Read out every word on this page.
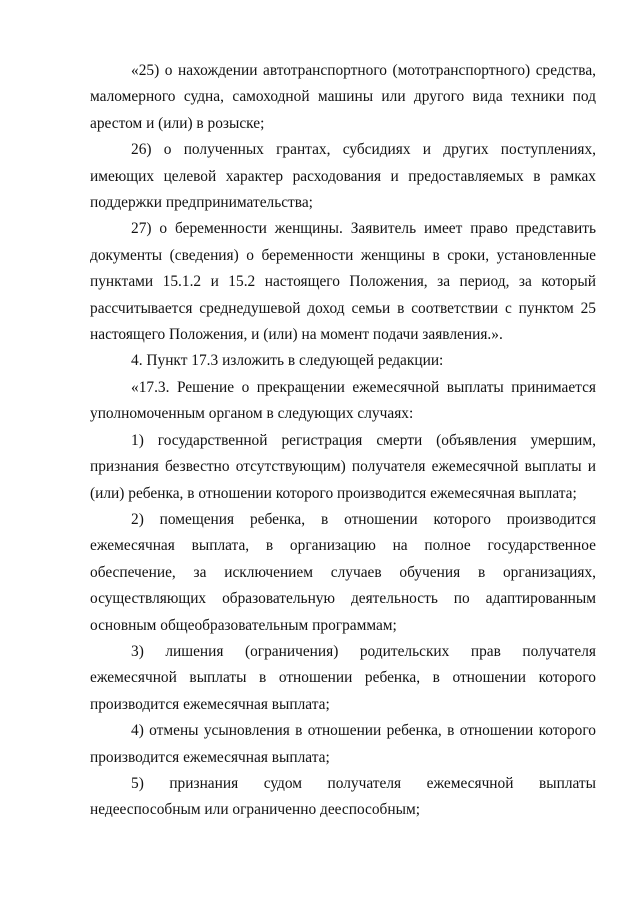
«25) о нахождении автотранспортного (мототранспортного) средства, маломерного судна, самоходной машины или другого вида техники под арестом и (или) в розыске;

26) о полученных грантах, субсидиях и других поступлениях, имеющих целевой характер расходования и предоставляемых в рамках поддержки предпринимательства;

27) о беременности женщины. Заявитель имеет право представить документы (сведения) о беременности женщины в сроки, установленные пунктами 15.1.2 и 15.2 настоящего Положения, за период, за который рассчитывается среднедушевой доход семьи в соответствии с пунктом 25 настоящего Положения, и (или) на момент подачи заявления.».

4. Пункт 17.3 изложить в следующей редакции:

«17.3. Решение о прекращении ежемесячной выплаты принимается уполномоченным органом в следующих случаях:

1) государственной регистрация смерти (объявления умершим, признания безвестно отсутствующим) получателя ежемесячной выплаты и (или) ребенка, в отношении которого производится ежемесячная выплата;

2) помещения ребенка, в отношении которого производится ежемесячная выплата, в организацию на полное государственное обеспечение, за исключением случаев обучения в организациях, осуществляющих образовательную деятельность по адаптированным основным общеобразовательным программам;

3) лишения (ограничения) родительских прав получателя ежемесячной выплаты в отношении ребенка, в отношении которого производится ежемесячная выплата;

4) отмены усыновления в отношении ребенка, в отношении которого производится ежемесячная выплата;

5) признания судом получателя ежемесячной выплаты недееспособным или ограниченно дееспособным;
